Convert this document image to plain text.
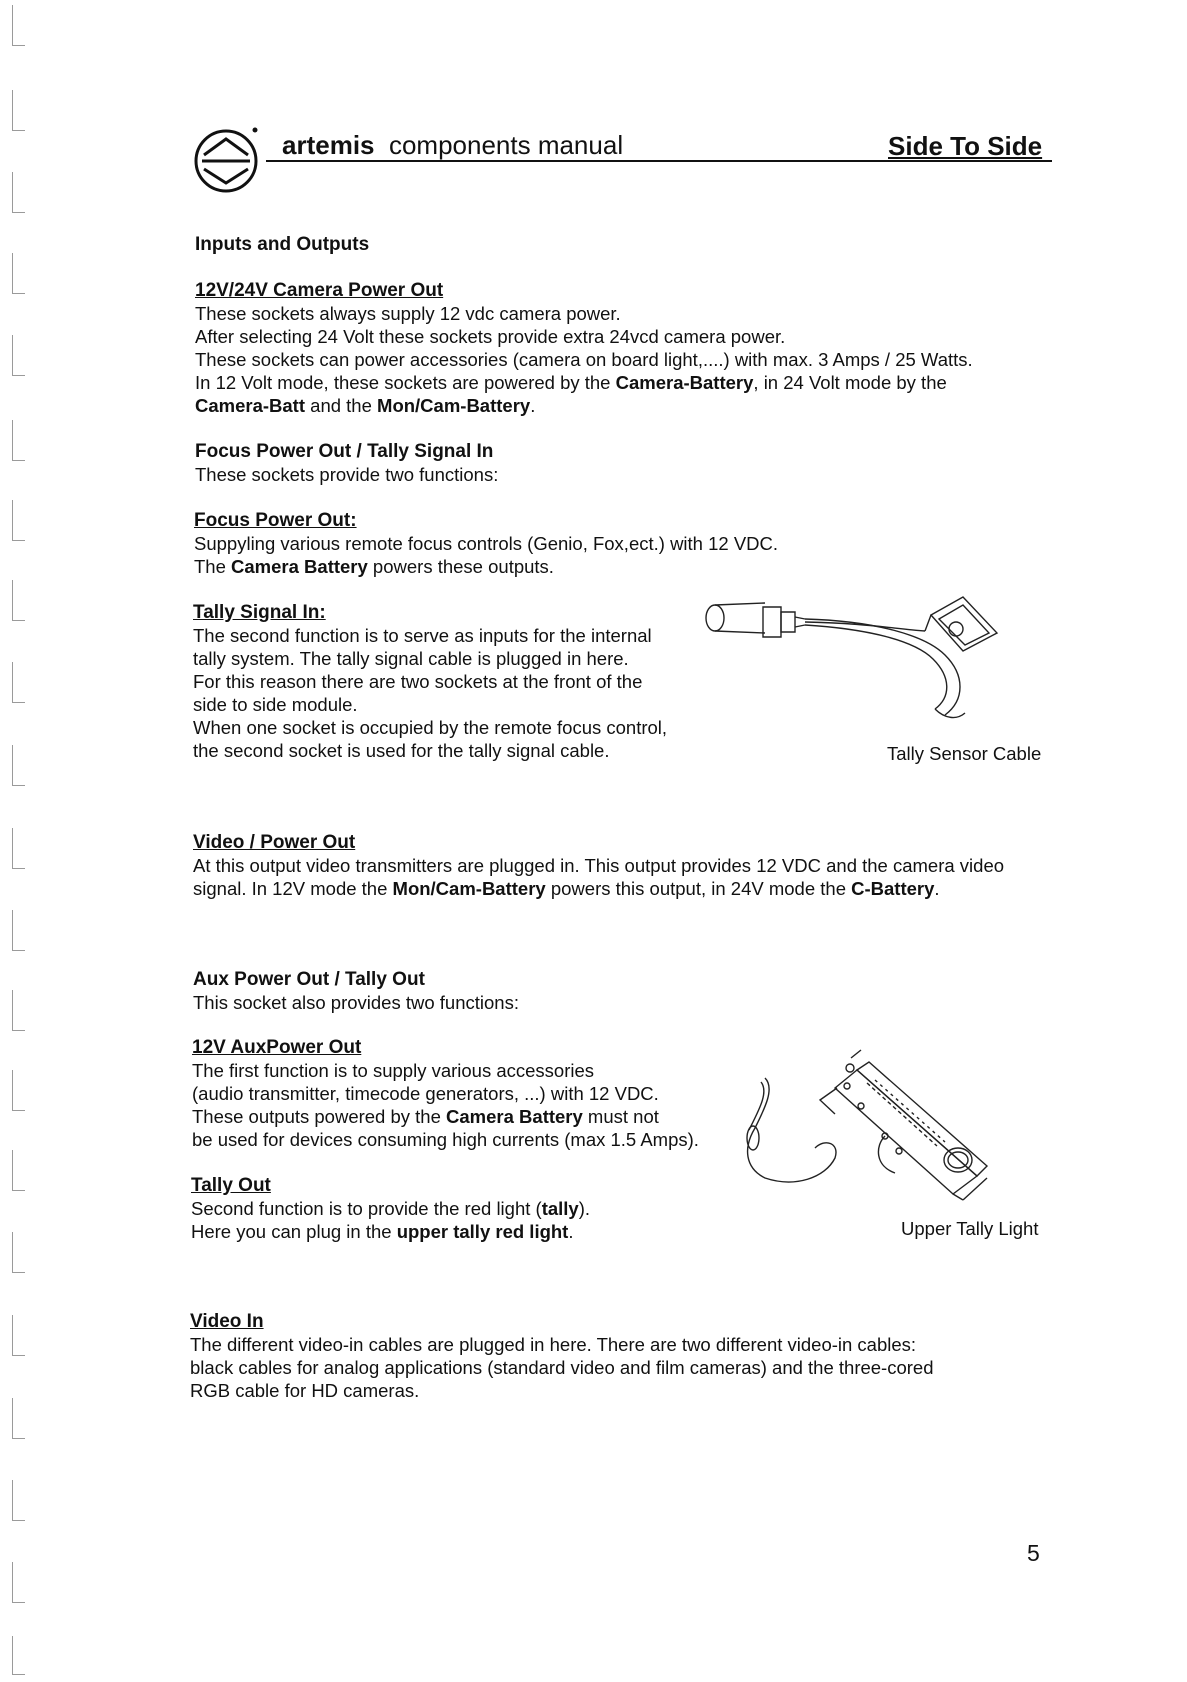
artemis components manual	Side To Side
Inputs and Outputs
12V/24V Camera Power Out
These sockets always supply 12 vdc camera power.
After selecting 24 Volt these sockets provide extra 24vcd camera power.
These sockets can power accessories (camera on board light,....) with max. 3 Amps / 25 Watts.
In 12 Volt mode, these sockets are powered by the Camera-Battery, in 24 Volt mode by the
Camera-Batt and the Mon/Cam-Battery.
Focus Power Out / Tally Signal In
These sockets provide two functions:
Focus Power Out:
Suppyling various remote focus controls (Genio, Fox,ect.) with 12 VDC.
The Camera Battery powers these outputs.
Tally Signal In:
The second function is to serve as inputs for the internal
tally system. The tally signal cable is plugged in here.
For this reason there are two sockets at the front of the
side to side module.
When one socket is occupied by the remote focus control,
the second socket is used for the tally signal cable.	Tally Sensor Cable
Video / Power Out
At this output video transmitters are plugged in. This output provides 12 VDC and the camera video
signal. In 12V mode the Mon/Cam-Battery powers this output, in 24V mode the C-Battery.
Aux Power Out / Tally Out
This socket also provides two functions:
12V AuxPower Out
The first function is to supply various accessories
(audio transmitter, timecode generators, ...) with 12 VDC.
These outputs powered by the Camera Battery must not
be used for devices consuming high currents (max 1.5 Amps).
Tally Out
Second function is to provide the red light (tally).
Here you can plug in the upper tally red light.	Upper Tally Light
Video In
The different video-in cables are plugged in here. There are two different video-in cables:
black cables for analog applications (standard video and film cameras) and the three-cored
RGB cable for HD cameras.
5
